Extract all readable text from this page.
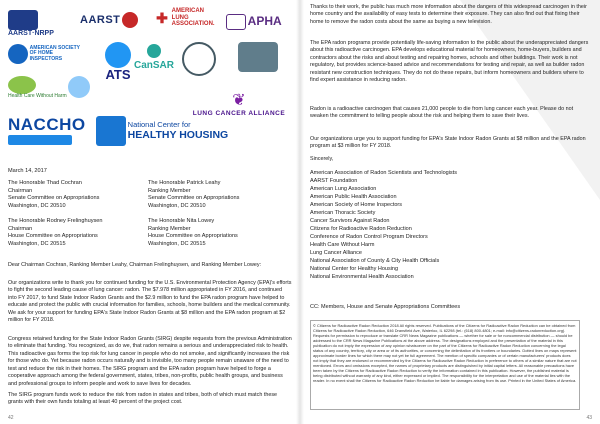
AARST·NRPP
AARST	✚ AMERICAN
LUNG
ASSOCIATION.	APHA
AMERICAN SOCIETY OF HOME INSPECTORS
Health Care Without Harm
ATS
CanSAR
❦
LUNG CANCER ALLIANCE
NACCHO

	National Center for
HEALTHY HOUSING
March 14, 2017
The Honorable Thad Cochran
Chairman
Senate Committee on Appropriations
Washington, DC 20510
The Honorable Patrick Leahy
Ranking Member
Senate Committee on Appropriations
Washington, DC 20510
The Honorable Rodney Frelinghuysen
Chairman
House Committee on Appropriations
Washington, DC 20515
The Honorable Nita Lowey
Ranking Member
House Committee on Appropriations
Washington, DC 20515
Dear Chairman Cochran, Ranking Member Leahy, Chairman Frelinghuysen, and Ranking Member Lowey:
Our organizations write to thank you for continued funding for the U.S. Environmental Protection Agency (EPA)'s efforts to fight the second leading cause of lung cancer: radon. The $7.978 million appropriated in FY 2016, and continued into FY 2017, to fund State Indoor Radon Grants and the $2.9 million to fund the EPA radon program have helped to educate and protect the public with crucial information for families, schools, home builders and the medical community. We ask for your support for funding EPA's State Indoor Radon Grants at $8 million and the EPA radon program at $2 million for FY 2018.
Congress retained funding for the State Indoor Radon Grants (SIRG) despite requests from the previous Administration to eliminate that funding. You recognized, as do we, that radon remains a serious and underappreciated risk to health. This radioactive gas forms the top risk for lung cancer in people who do not smoke, and significantly increases the risk for those who do. Yet because radon occurs naturally and is invisible, too many people remain unaware of the need to test and reduce the risk in their homes. The SIRG program and the EPA radon program have helped to forge a cooperative approach among the federal government, states, tribes, non-profits, public health groups, and business and professional groups to inform people and work to save lives for decades.
The SIRG program funds work to reduce the risk from radon in states and tribes, both of which must match these grants with their own funds totaling at least 40 percent of the project cost.
42
Thanks to their work, the public has much more information about the dangers of this widespread carcinogen in their home country and the availability of easy tests to determine their exposure. They can also find out that fixing their home to remove the radon costs about the same as buying a new television.
The EPA radon programs provide potentially life-saving information to the public about the underappreciated dangers about this radioactive carcinogen. EPA develops educational material for homeowners, home-buyers, builders and contractors about the risks and about testing and repairing homes, schools and other buildings. Their work is not regulatory, but provides science-based advice and recommendations for testing and repair, as well as builder radon resistant new construction techniques. They do not do these repairs, but inform homeowners and builders where to find expert assistance in reducing radon.
Radon is a radioactive carcinogen that causes 21,000 people to die from lung cancer each year. Please do not weaken the commitment to telling people about the risk and helping them to save their lives.
Our organizations urge you to support funding for EPA's State Indoor Radon Grants at $8 million and the EPA radon program at $3 million for FY 2018.
Sincerely,
American Association of Radon Scientists and Technologists
AARST Foundation
American Lung Association
American Public Health Association
American Society of Home Inspectors
American Thoracic Society
Cancer Survivors Against Radon
Citizens for Radioactive Radon Reduction
Conference of Radon Control Program Directors
Health Care Without Harm
Lung Cancer Alliance
National Association of County & City Health Officials
National Center for Healthy Housing
National Environmental Health Association
CC: Members, House and Senate Appropriations Committees
© Citizens for Radioactive Radon Reduction 2018 All rights reserved. Publications of the Citizens for Radioactive Radon Reduction can be obtained from Citizens for Radioactive Radon Reduction, 646 Dransfield Ave, Waterloo, IL 62298 (tel.: (618) 800-4801; e-mail: info@citizens-radonreduction.org). Requests for permission to reproduce or translate CRR News Magazine publications — whether for sale or for noncommercial distribution — should be addressed to the CRR News Magazine Publications at the above address. The designations employed and the presentation of the material in this publication do not imply the expression of any opinion whatsoever on the part of the Citizens for Radioactive Radon Reduction concerning the legal status of any country, territory, city or area or of its authorities, or concerning the delimitation of its frontiers or boundaries. Dotted lines on maps represent approximate border lines for which there may not yet be full agreement. The mention of specific companies or of certain manufacturers' products does not imply that they are endorsed or recommended by the Citizens for Radioactive Radon Reduction in preference to others of a similar nature that are not mentioned. Errors and omissions excepted, the names of proprietary products are distinguished by initial capital letters. All reasonable precautions have been taken by the Citizens for Radioactive Radon Reduction to verify the information contained in this publication. However, the published material is being distributed without warranty of any kind, either expressed or implied. The responsibility for the interpretation and use of the material lies with the reader. In no event shall the Citizens for Radioactive Radon Reduction be liable for damages arising from its use. Printed in the United States of America.
43
